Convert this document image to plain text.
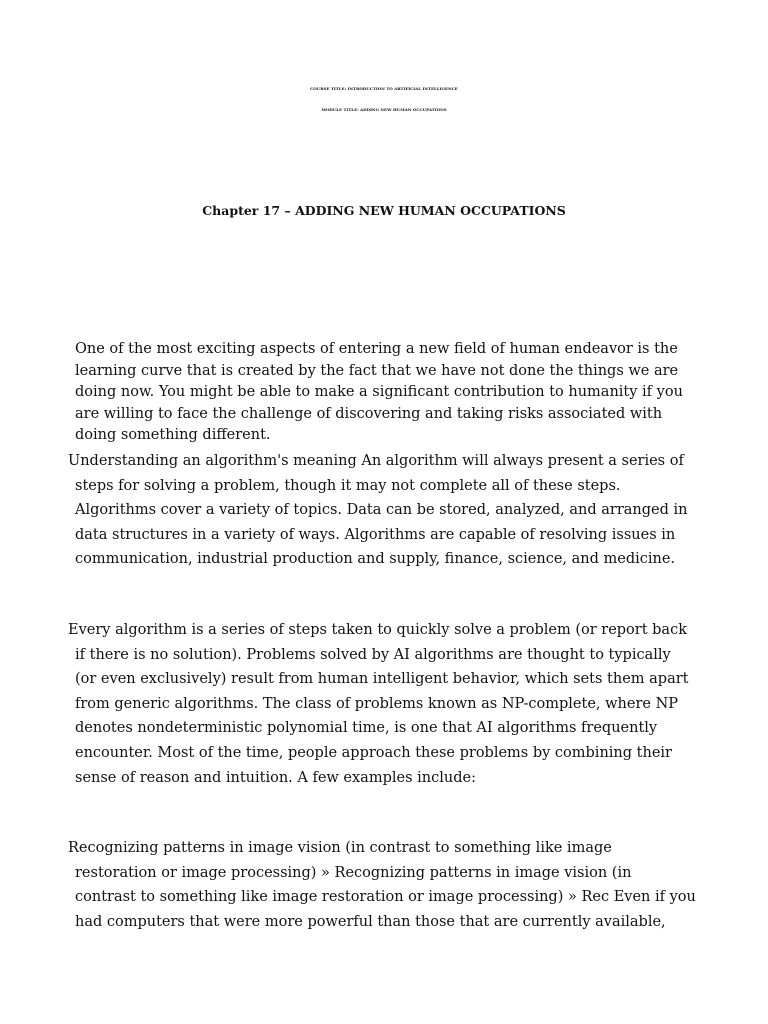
COURSE TITLE: INTRODUCTION TO ARTIFICIAL INTELLIGENCE
MODULE TITLE: ADDING NEW HUMAN OCCUPATIONS
Chapter 17 – ADDING NEW HUMAN OCCUPATIONS
One of the most exciting aspects of entering a new field of human endeavor is the
learning curve that is created by the fact that we have not done the things we are
doing now. You might be able to make a significant contribution to humanity if you
are willing to face the challenge of discovering and taking risks associated with
doing something different.
Understanding an algorithm's meaning An algorithm will always present a series of
steps for solving a problem, though it may not complete all of these steps.
Algorithms cover a variety of topics. Data can be stored, analyzed, and arranged in
data structures in a variety of ways. Algorithms are capable of resolving issues in
communication, industrial production and supply, finance, science, and medicine.
Every algorithm is a series of steps taken to quickly solve a problem (or report back
if there is no solution). Problems solved by AI algorithms are thought to typically
(or even exclusively) result from human intelligent behavior, which sets them apart
from generic algorithms. The class of problems known as NP-complete, where NP
denotes nondeterministic polynomial time, is one that AI algorithms frequently
encounter. Most of the time, people approach these problems by combining their
sense of reason and intuition. A few examples include:
Recognizing patterns in image vision (in contrast to something like image
restoration or image processing) » Recognizing patterns in image vision (in
contrast to something like image restoration or image processing) » Rec Even if you
had computers that were more powerful than those that are currently available,
